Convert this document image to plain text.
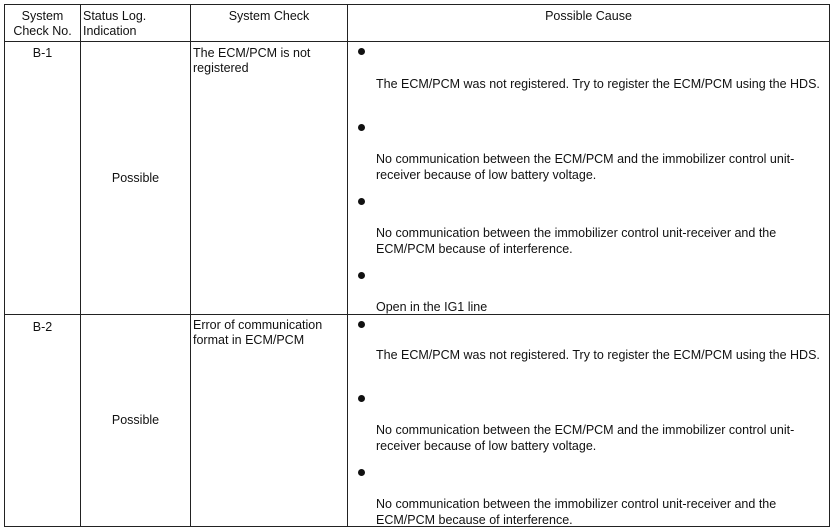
System
Check No.
Status Log.
Indication
System Check	Possible Cause
B-1
Possible
The ECM/PCM is not registered
The ECM/PCM was not registered. Try to register the ECM/PCM using the HDS.
No communication between the ECM/PCM and the immobilizer control unit-receiver because of low battery voltage.
No communication between the immobilizer control unit-receiver and the ECM/PCM because of interference.
Open in the IG1 line
B-2
Possible
Error of communication format in ECM/PCM
The ECM/PCM was not registered. Try to register the ECM/PCM using the HDS.
No communication between the ECM/PCM and the immobilizer control unit-receiver because of low battery voltage.
No communication between the immobilizer control unit-receiver and the ECM/PCM because of interference.
